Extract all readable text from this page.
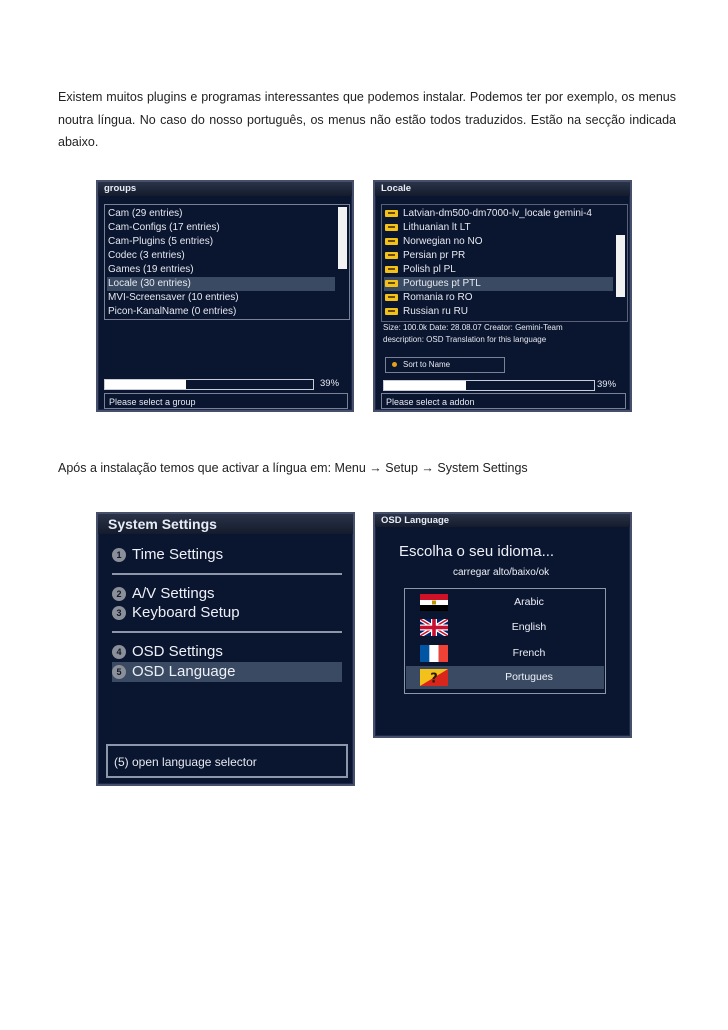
Existem muitos plugins e programas interessantes que podemos instalar. Podemos ter por exemplo, os menus noutra língua. No caso do nosso português, os menus não estão todos traduzidos. Estão na secção indicada abaixo.
groups
Cam (29 entries)
Cam-Configs (17 entries)
Cam-Plugins (5 entries)
Codec (3 entries)
Games (19 entries)
Locale (30 entries)
MVI-Screensaver (10 entries)
Picon-KanalName (0 entries)
39%
Please select a group
Locale
Latvian-dm500-dm7000-lv_locale gemini-4
Lithuanian lt LT
Norwegian no NO
Persian pr PR
Polish pl PL
Portugues pt PTL
Romania ro RO
Russian ru RU
Size: 100.0k Date: 28.08.07 Creator: Gemini-Team
description: OSD Translation for this language
Sort to Name
39%
Please select a addon
Após a instalação temos que activar a língua em: Menu → Setup → System Settings
System Settings
1 Time Settings
2 A/V Settings
3 Keyboard Setup
4 OSD Settings
5 OSD Language
(5) open language selector
OSD Language
Escolha o seu idioma...
carregar alto/baixo/ok
Arabic
English
French
?	Portugues
